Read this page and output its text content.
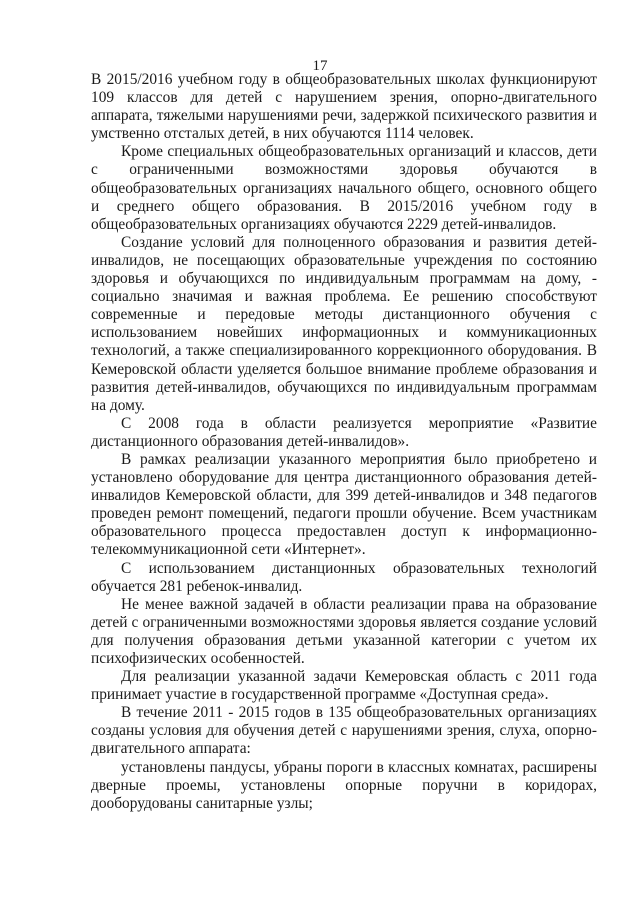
17

В 2015/2016 учебном году в общеобразовательных школах функционируют 109 классов для детей с нарушением зрения, опорно-двигательного аппарата, тяжелыми нарушениями речи, задержкой психического развития и умственно отсталых детей, в них обучаются 1114 человек.

Кроме специальных общеобразовательных организаций и классов, дети с ограниченными возможностями здоровья обучаются в общеобразовательных организациях начального общего, основного общего и среднего общего образования. В 2015/2016 учебном году в общеобразовательных организациях обучаются 2229 детей-инвалидов.

Создание условий для полноценного образования и развития детей-инвалидов, не посещающих образовательные учреждения по состоянию здоровья и обучающихся по индивидуальным программам на дому, - социально значимая и важная проблема. Ее решению способствуют современные и передовые методы дистанционного обучения с использованием новейших информационных и коммуникационных технологий, а также специализированного коррекционного оборудования. В Кемеровской области уделяется большое внимание проблеме образования и развития детей-инвалидов, обучающихся по индивидуальным программам на дому.

С 2008 года в области реализуется мероприятие «Развитие дистанционного образования детей-инвалидов».

В рамках реализации указанного мероприятия было приобретено и установлено оборудование для центра дистанционного образования детей-инвалидов Кемеровской области, для 399 детей-инвалидов и 348 педагогов проведен ремонт помещений, педагоги прошли обучение. Всем участникам образовательного процесса предоставлен доступ к информационно-телекоммуникационной сети «Интернет».

С использованием дистанционных образовательных технологий обучается 281 ребенок-инвалид.

Не менее важной задачей в области реализации права на образование детей с ограниченными возможностями здоровья является создание условий для получения образования детьми указанной категории с учетом их психофизических особенностей.

Для реализации указанной задачи Кемеровская область с 2011 года принимает участие в государственной программе «Доступная среда».

В течение 2011 - 2015 годов в 135 общеобразовательных организациях созданы условия для обучения детей с нарушениями зрения, слуха, опорно-двигательного аппарата:

установлены пандусы, убраны пороги в классных комнатах, расширены дверные проемы, установлены опорные поручни в коридорах, дооборудованы санитарные узлы;
